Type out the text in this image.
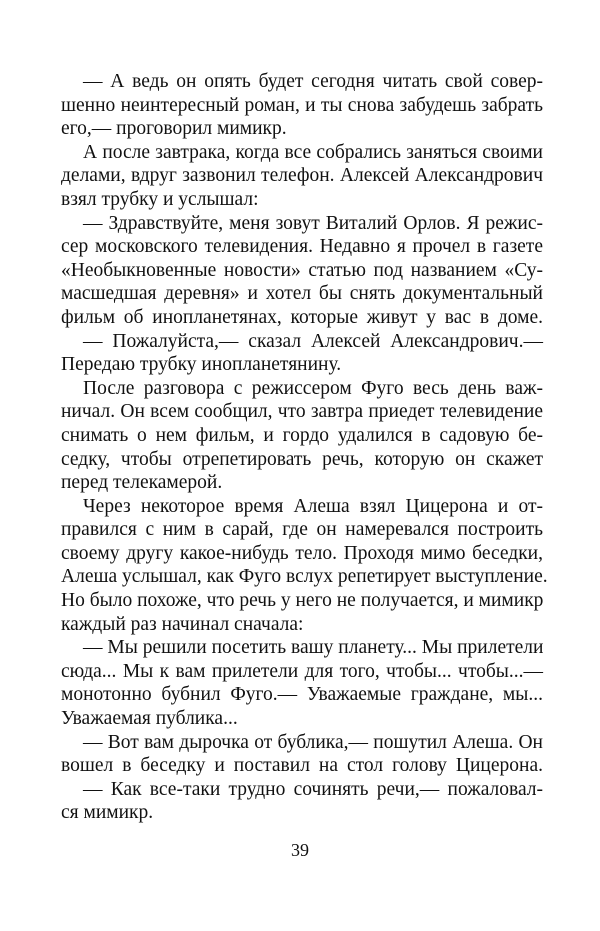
— А ведь он опять будет сегодня читать свой совер-
шенно неинтересный роман, и ты снова забудешь забрать
его,— проговорил мимикр.
А после завтрака, когда все собрались заняться своими
делами, вдруг зазвонил телефон. Алексей Александрович
взял трубку и услышал:
— Здравствуйте, меня зовут Виталий Орлов. Я режис-
сер московского телевидения. Недавно я прочел в газете
«Необыкновенные новости» статью под названием «Су-
масшедшая деревня» и хотел бы снять документальный
фильм об инопланетянах, которые живут у вас в доме.
— Пожалуйста,— сказал Алексей Александрович.—
Передаю трубку инопланетянину.
После разговора с режиссером Фуго весь день важ-
ничал. Он всем сообщил, что завтра приедет телевидение
снимать о нем фильм, и гордо удалился в садовую бе-
седку, чтобы отрепетировать речь, которую он скажет
перед телекамерой.
Через некоторое время Алеша взял Цицерона и от-
правился с ним в сарай, где он намеревался построить
своему другу какое-нибудь тело. Проходя мимо беседки,
Алеша услышал, как Фуго вслух репетирует выступление.
Но было похоже, что речь у него не получается, и мимикр
каждый раз начинал сначала:
— Мы решили посетить вашу планету... Мы прилетели
сюда... Мы к вам прилетели для того, чтобы... чтобы...—
монотонно бубнил Фуго.— Уважаемые граждане, мы...
Уважаемая публика...
— Вот вам дырочка от бублика,— пошутил Алеша. Он
вошел в беседку и поставил на стол голову Цицерона.
— Как все-таки трудно сочинять речи,— пожаловал-
ся мимикр.
39
